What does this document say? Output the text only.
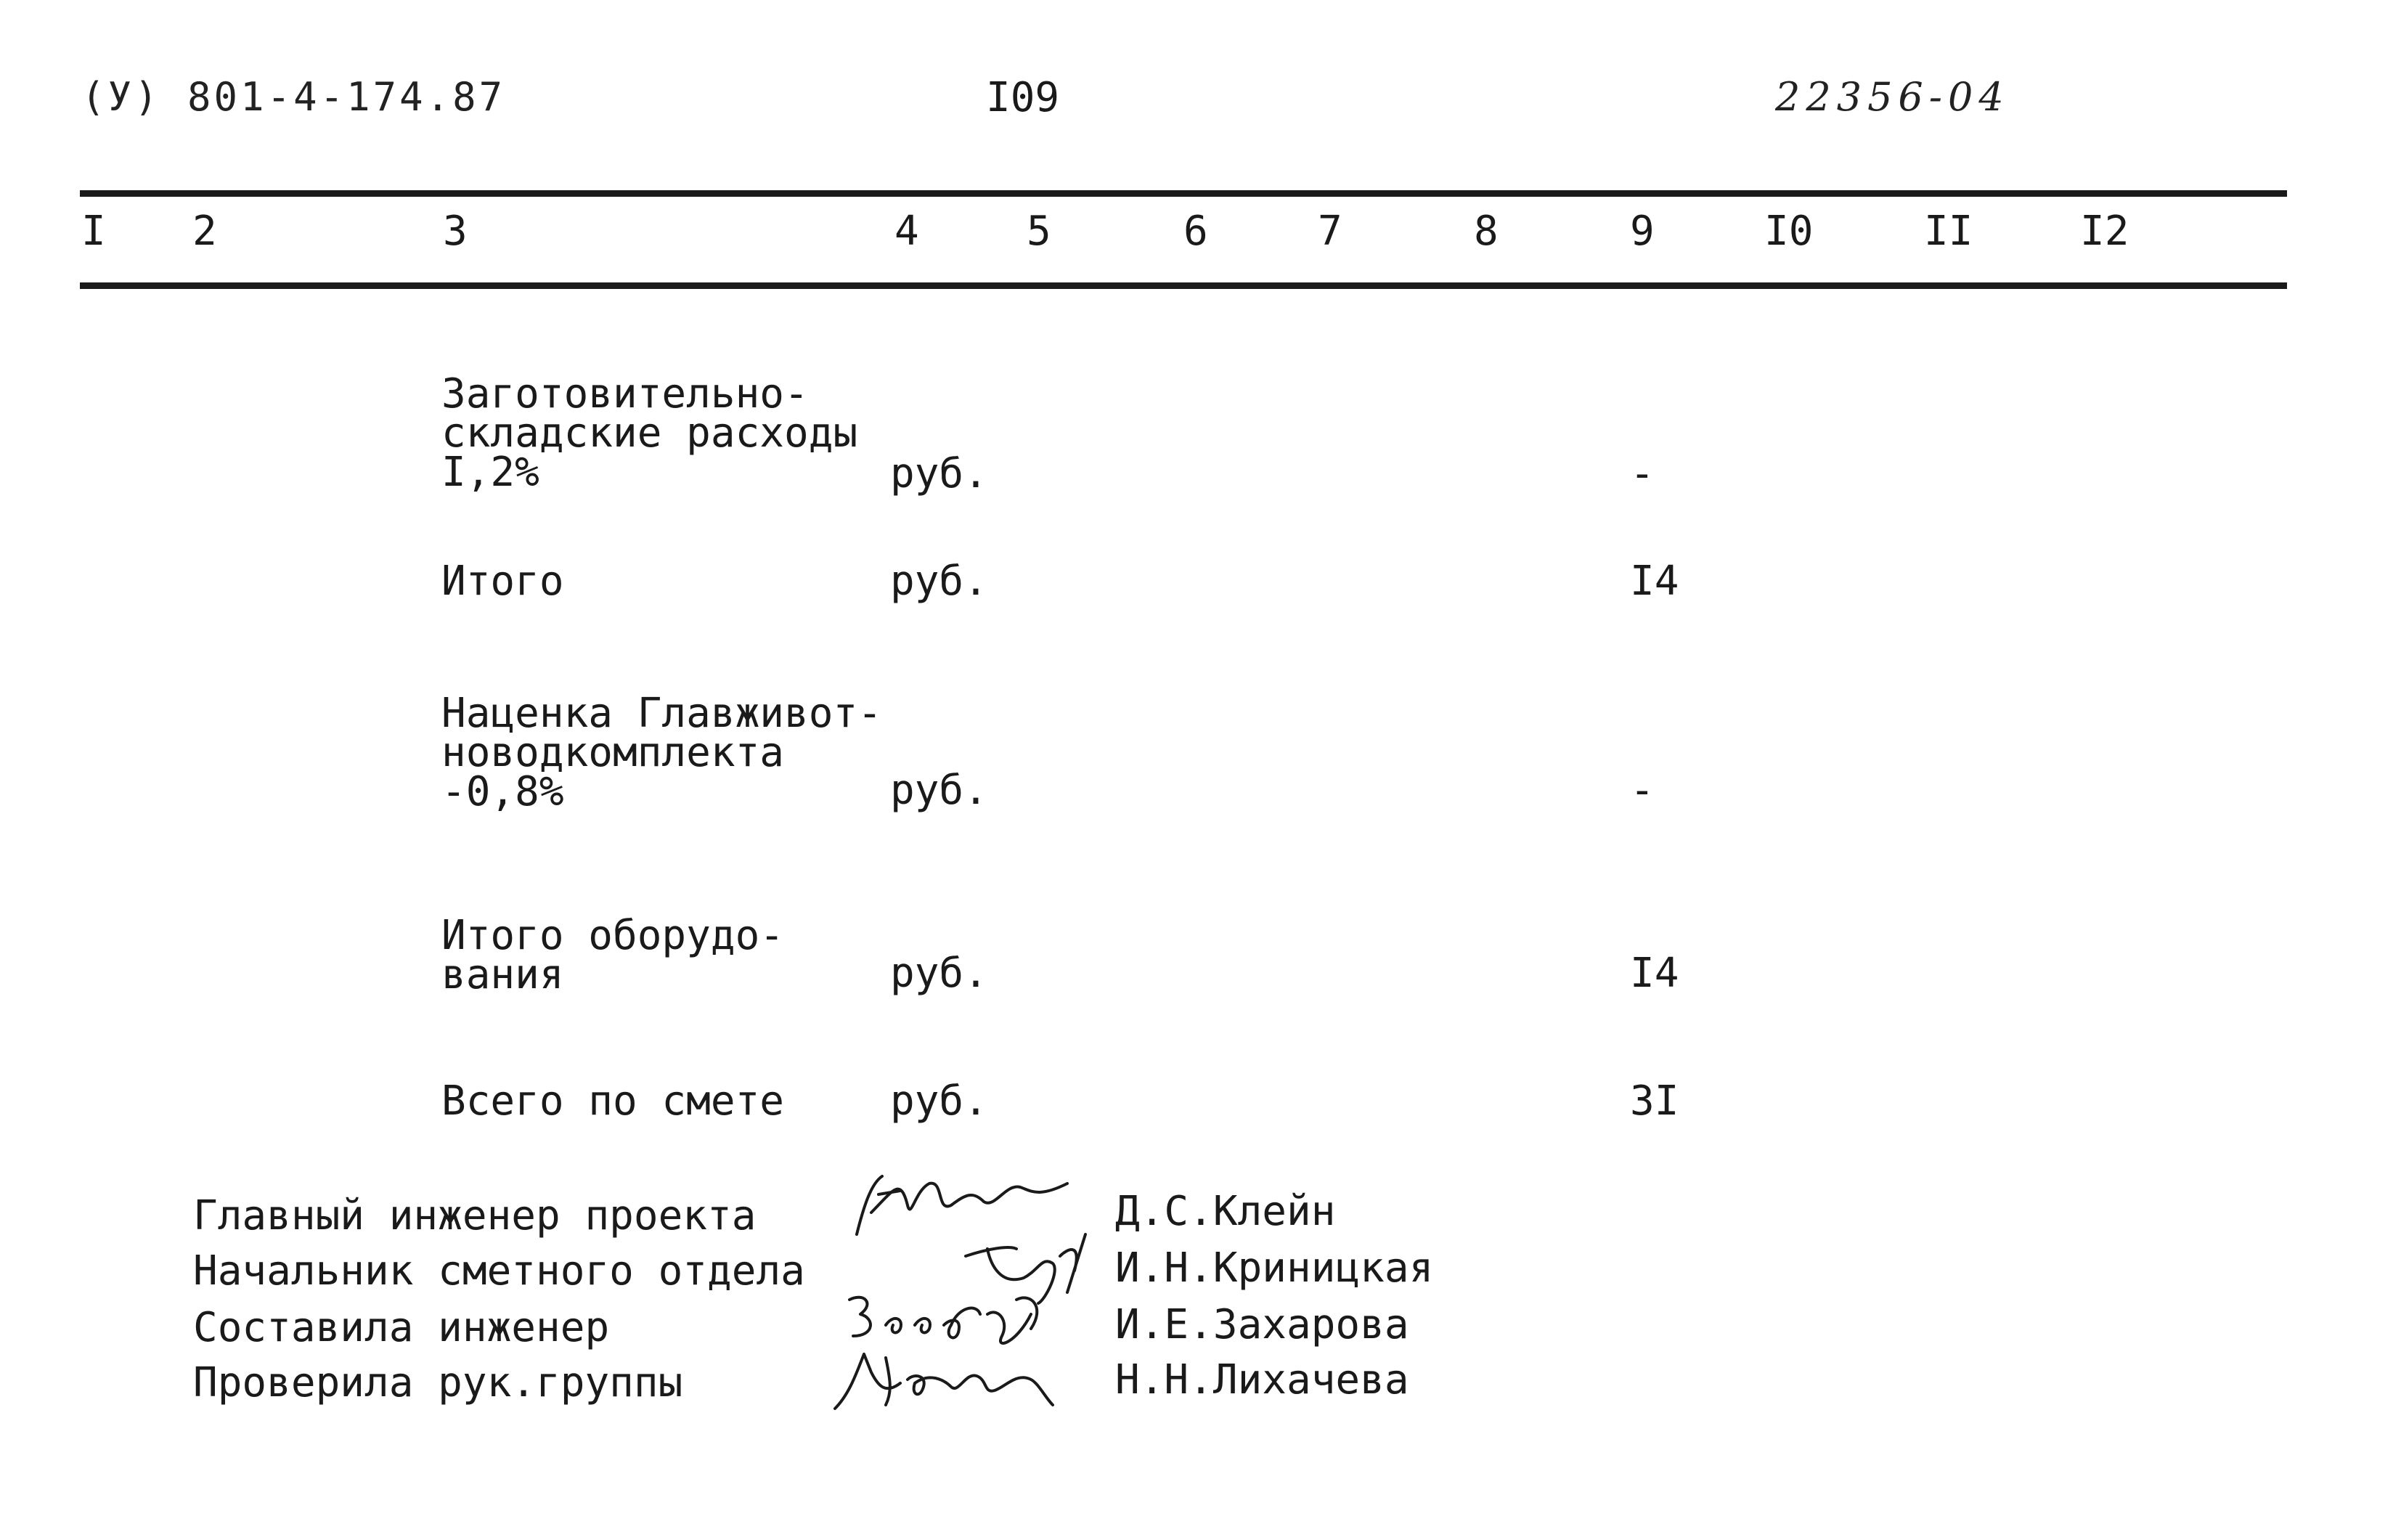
(У) 801-4-174.87	I09	22356-04
I 2	3	4	5	6	7	8	9	I0	II	I2
Заготовительно-
складские расходы
I,2%	руб.	-
Итого	руб.	I4
Наценка Главживот-
новодкомплекта
-0,8%	руб.	-
Итого оборудо-
вания	руб.	I4
Всего по смете	руб.	3I
Главный инженер проекта	Д.С.Клейн
Начальник сметного отдела	И.Н.Криницкая
Составила инженер	И.Е.Захарова
Проверила рук.группы	Н.Н.Лихачева
